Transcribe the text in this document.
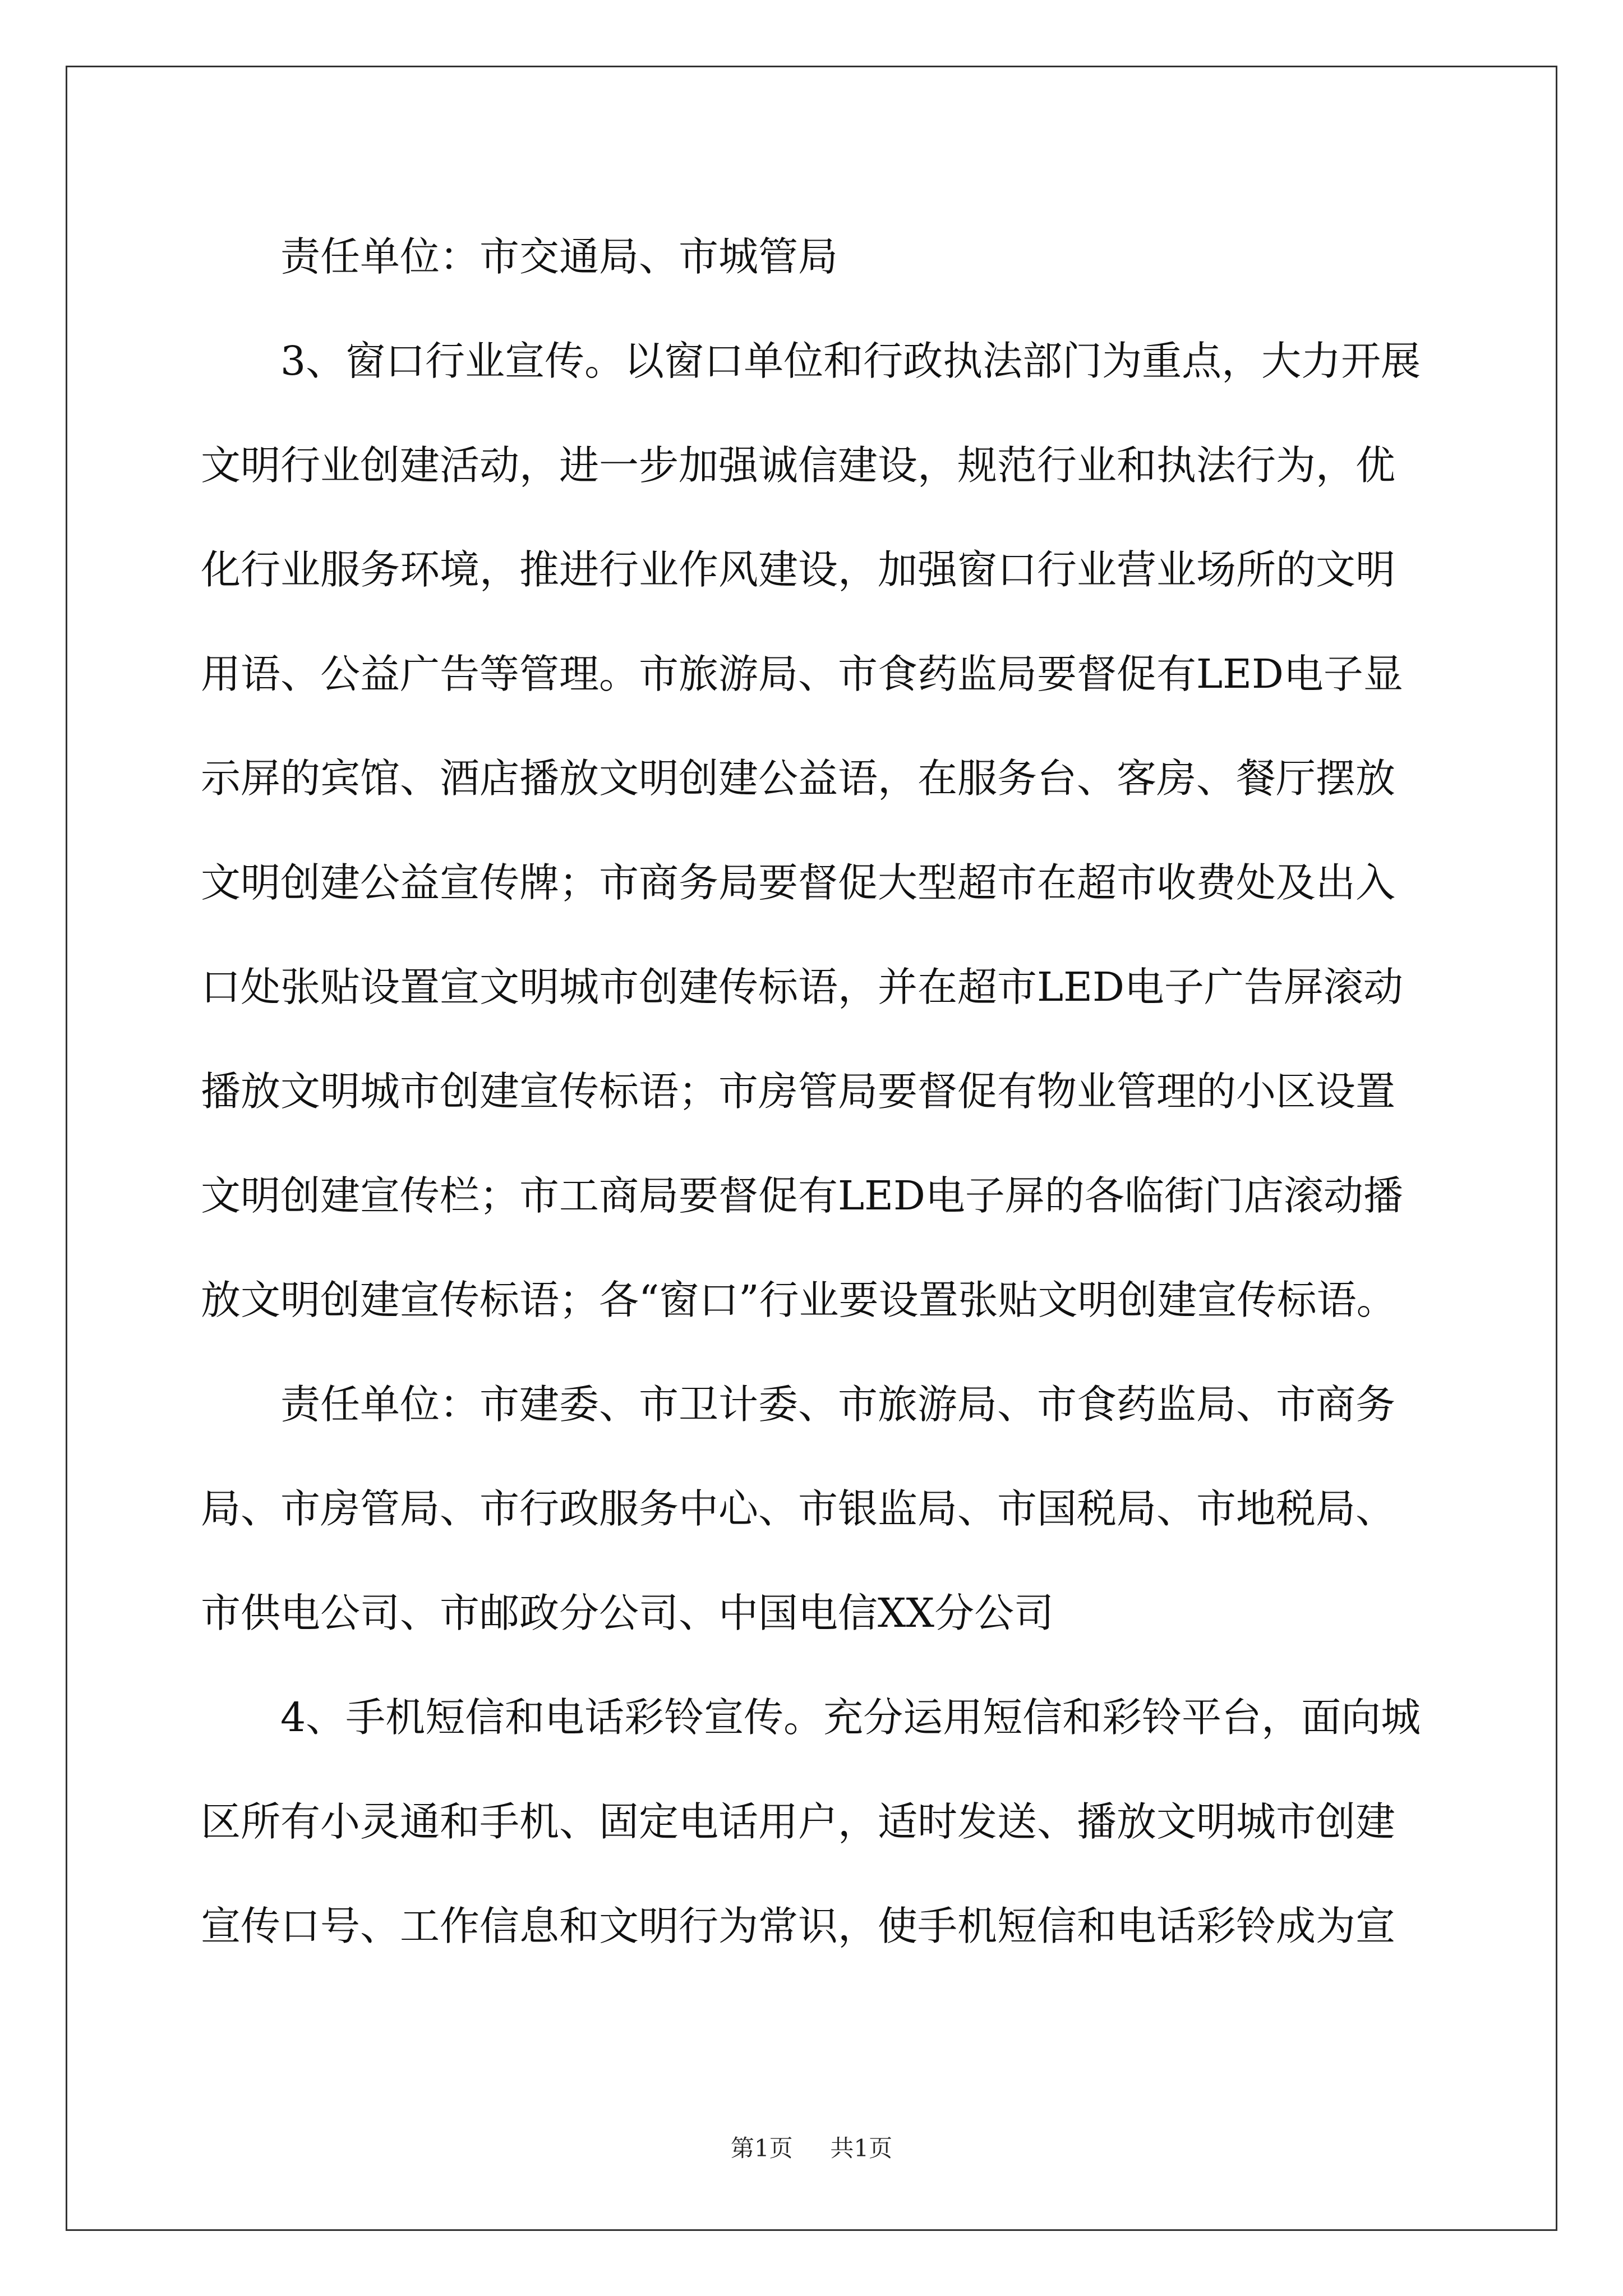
责任单位：市交通局、市城管局
3、窗口行业宣传。以窗口单位和行政执法部门为重点，大力开展
文明行业创建活动，进一步加强诚信建设，规范行业和执法行为，优
化行业服务环境，推进行业作风建设，加强窗口行业营业场所的文明
用语、公益广告等管理。市旅游局、市食药监局要督促有LED电子显
示屏的宾馆、酒店播放文明创建公益语，在服务台、客房、餐厅摆放
文明创建公益宣传牌；市商务局要督促大型超市在超市收费处及出入
口处张贴设置宣文明城市创建传标语，并在超市LED电子广告屏滚动
播放文明城市创建宣传标语；市房管局要督促有物业管理的小区设置
文明创建宣传栏；市工商局要督促有LED电子屏的各临街门店滚动播
放文明创建宣传标语；各“窗口”行业要设置张贴文明创建宣传标语。
责任单位：市建委、市卫计委、市旅游局、市食药监局、市商务
局、市房管局、市行政服务中心、市银监局、市国税局、市地税局、
市供电公司、市邮政分公司、中国电信XX分公司
4、手机短信和电话彩铃宣传。充分运用短信和彩铃平台，面向城
区所有小灵通和手机、固定电话用户，适时发送、播放文明城市创建
宣传口号、工作信息和文明行为常识，使手机短信和电话彩铃成为宣
第1页 共1页
